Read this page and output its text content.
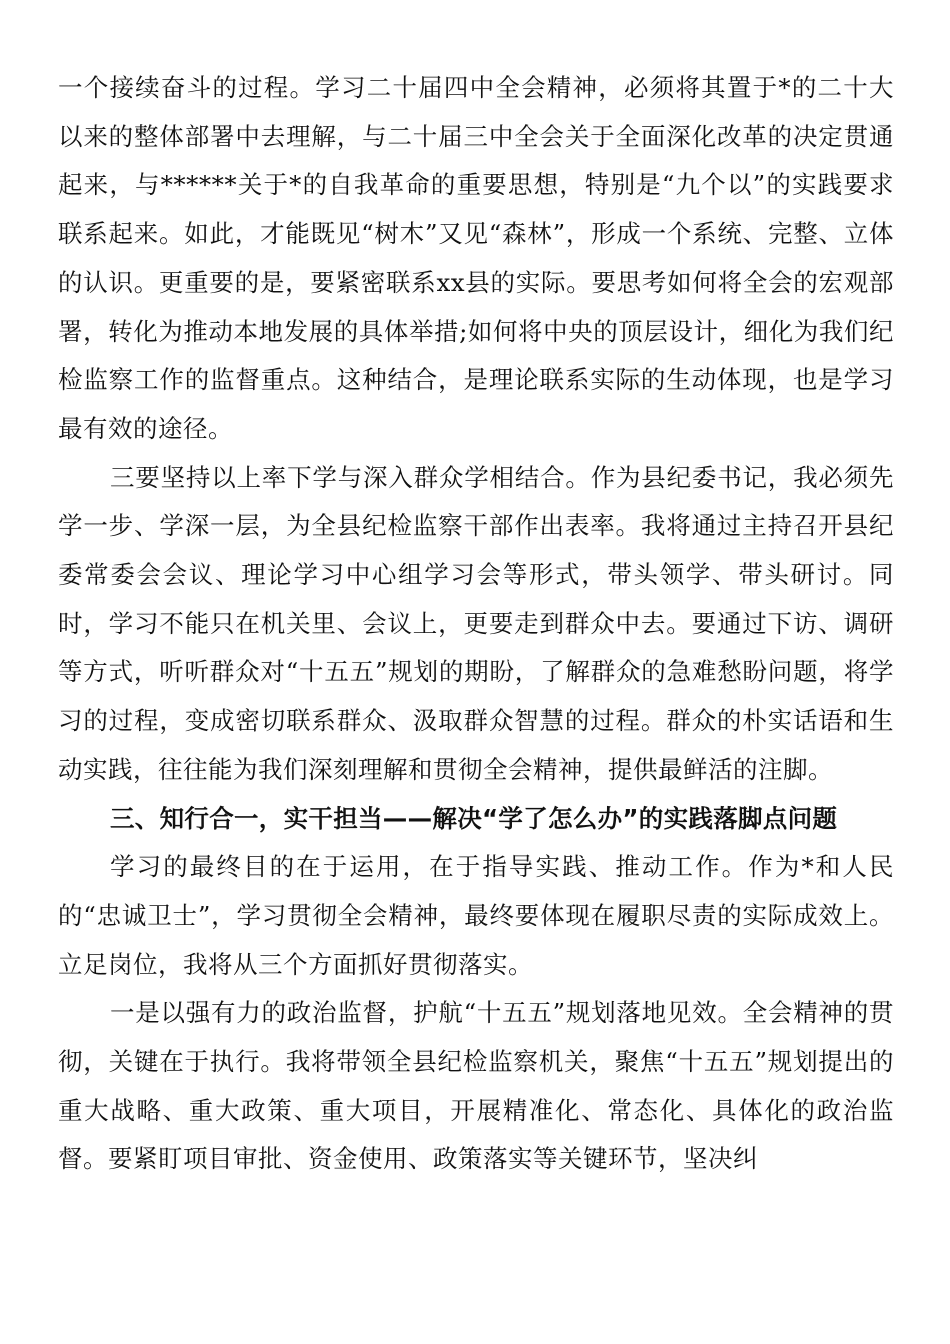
一个接续奋斗的过程。学习二十届四中全会精神，必须将其置于*的二十大以来的整体部署中去理解，与二十届三中全会关于全面深化改革的决定贯通起来，与******关于*的自我革命的重要思想，特别是“九个以”的实践要求联系起来。如此，才能既见“树木”又见“森林”，形成一个系统、完整、立体的认识。更重要的是，要紧密联系xx县的实际。要思考如何将全会的宏观部署，转化为推动本地发展的具体举措;如何将中央的顶层设计，细化为我们纪检监察工作的监督重点。这种结合，是理论联系实际的生动体现，也是学习最有效的途径。

三要坚持以上率下学与深入群众学相结合。作为县纪委书记，我必须先学一步、学深一层，为全县纪检监察干部作出表率。我将通过主持召开县纪委常委会会议、理论学习中心组学习会等形式，带头领学、带头研讨。同时，学习不能只在机关里、会议上，更要走到群众中去。要通过下访、调研等方式，听听群众对“十五五”规划的期盼，了解群众的急难愁盼问题，将学习的过程，变成密切联系群众、汲取群众智慧的过程。群众的朴实话语和生动实践，往往能为我们深刻理解和贯彻全会精神，提供最鲜活的注脚。

三、知行合一，实干担当——解决“学了怎么办”的实践落脚点问题

学习的最终目的在于运用，在于指导实践、推动工作。作为*和人民的“忠诚卫士”，学习贯彻全会精神，最终要体现在履职尽责的实际成效上。立足岗位，我将从三个方面抓好贯彻落实。

一是以强有力的政治监督，护航“十五五”规划落地见效。全会精神的贯彻，关键在于执行。我将带领全县纪检监察机关，聚焦“十五五”规划提出的重大战略、重大政策、重大项目，开展精准化、常态化、具体化的政治监督。要紧盯项目审批、资金使用、政策落实等关键环节，坚决纠
